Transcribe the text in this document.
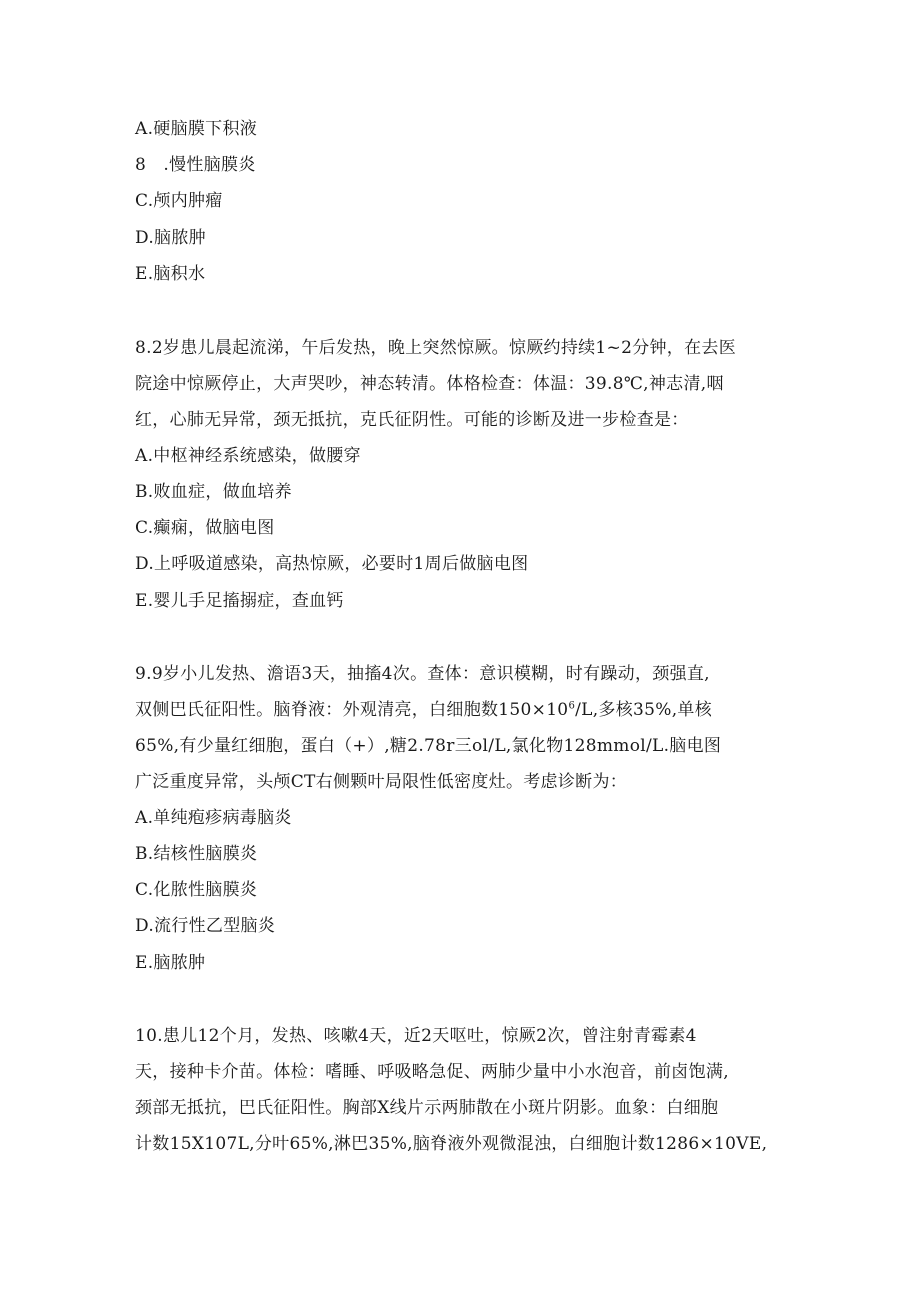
A.硬脑膜下积液
8　.慢性脑膜炎
C.颅内肿瘤
D.脑脓肿
E.脑积水
8.2岁患儿晨起流涕，午后发热，晚上突然惊厥。惊厥约持续1~2分钟，在去医
院途中惊厥停止，大声哭吵，神态转清。体格检查：体温：39.8℃,神志清,咽
红，心肺无异常，颈无抵抗，克氏征阴性。可能的诊断及进一步检查是：
A.中枢神经系统感染，做腰穿
B.败血症，做血培养
C.癫痫，做脑电图
D.上呼吸道感染，高热惊厥，必要时1周后做脑电图
E.婴儿手足搐搦症，查血钙
9.9岁小儿发热、澹语3天，抽搐4次。查体：意识模糊，时有躁动，颈强直,
双侧巴氏征阳性。脑脊液：外观清亮，白细胞数$150\times 10^6/L$,多核35%,单核
65%,有少量红细胞，蛋白（+）,糖2.78r三ol/L,氯化物128mmol/L.脑电图
广泛重度异常，头颅CT右侧颗叶局限性低密度灶。考虑诊断为：
A.单纯疱疹病毒脑炎
B.结核性脑膜炎
C.化脓性脑膜炎
D.流行性乙型脑炎
E.脑脓肿
10.患儿12个月，发热、咳嗽4天，近2天呕吐，惊厥2次，曾注射青霉素4
天，接种卡介苗。体检：嗜睡、呼吸略急促、两肺少量中小水泡音，前卤饱满,
颈部无抵抗，巴氏征阳性。胸部X线片示两肺散在小斑片阴影。血象：白细胞
计数15X107L,分叶65%,淋巴35%,脑脊液外观微混浊，白细胞计数1286×10VE,
